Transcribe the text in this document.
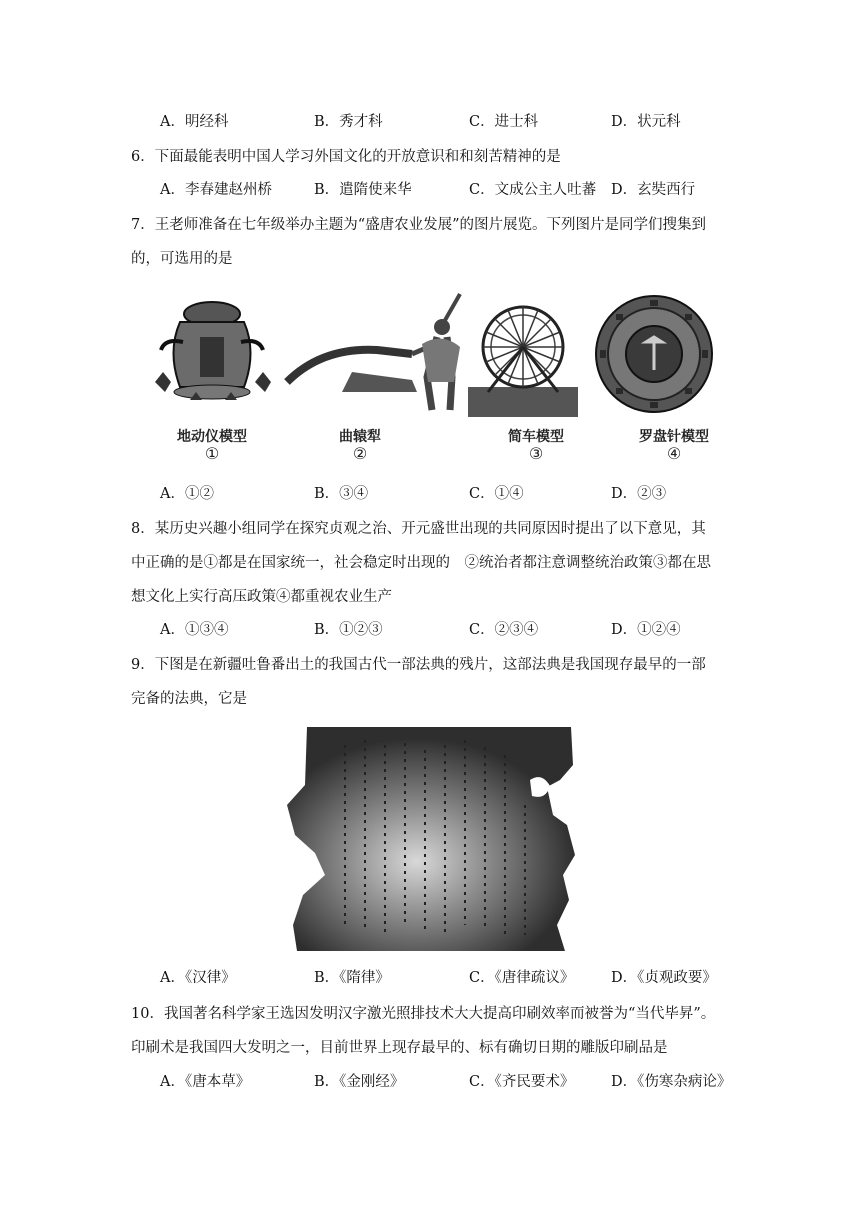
A．明经科	B．秀才科	C．进士科	D．状元科
6．下面最能表明中国人学习外国文化的开放意识和和刻苦精神的是
A．李春建赵州桥	B．遣隋使来华	C．文成公主人吐蕃 D．玄奘西行
7．王老师准备在七年级举办主题为“盛唐农业发展”的图片展览。下列图片是同学们搜集到
的，可选用的是
地动仪模型
①
曲辕犁
②
简车模型
③
罗盘针模型
④
A．①②	B．③④	C．①④	D．②③
8．某历史兴趣小组同学在探究贞观之治、开元盛世出现的共同原因时提出了以下意见，其
中正确的是①都是在国家统一，社会稳定时出现的　②统治者都注意调整统治政策③都在思
想文化上实行高压政策④都重视农业生产
A．①③④	B．①②③	C．②③④	D．①②④
9．下图是在新疆吐鲁番出土的我国古代一部法典的残片，这部法典是我国现存最早的一部
完备的法典，它是
A．《汉律》	B．《隋律》	C．《唐律疏议》	D．《贞观政要》
10．我国著名科学家王选因发明汉字激光照排技术大大提高印刷效率而被誉为“当代毕昇”。
印刷术是我国四大发明之一，目前世界上现存最早的、标有确切日期的雕版印刷品是
A．《唐本草》	B．《金刚经》	C．《齐民要术》	D．《伤寒杂病论》
